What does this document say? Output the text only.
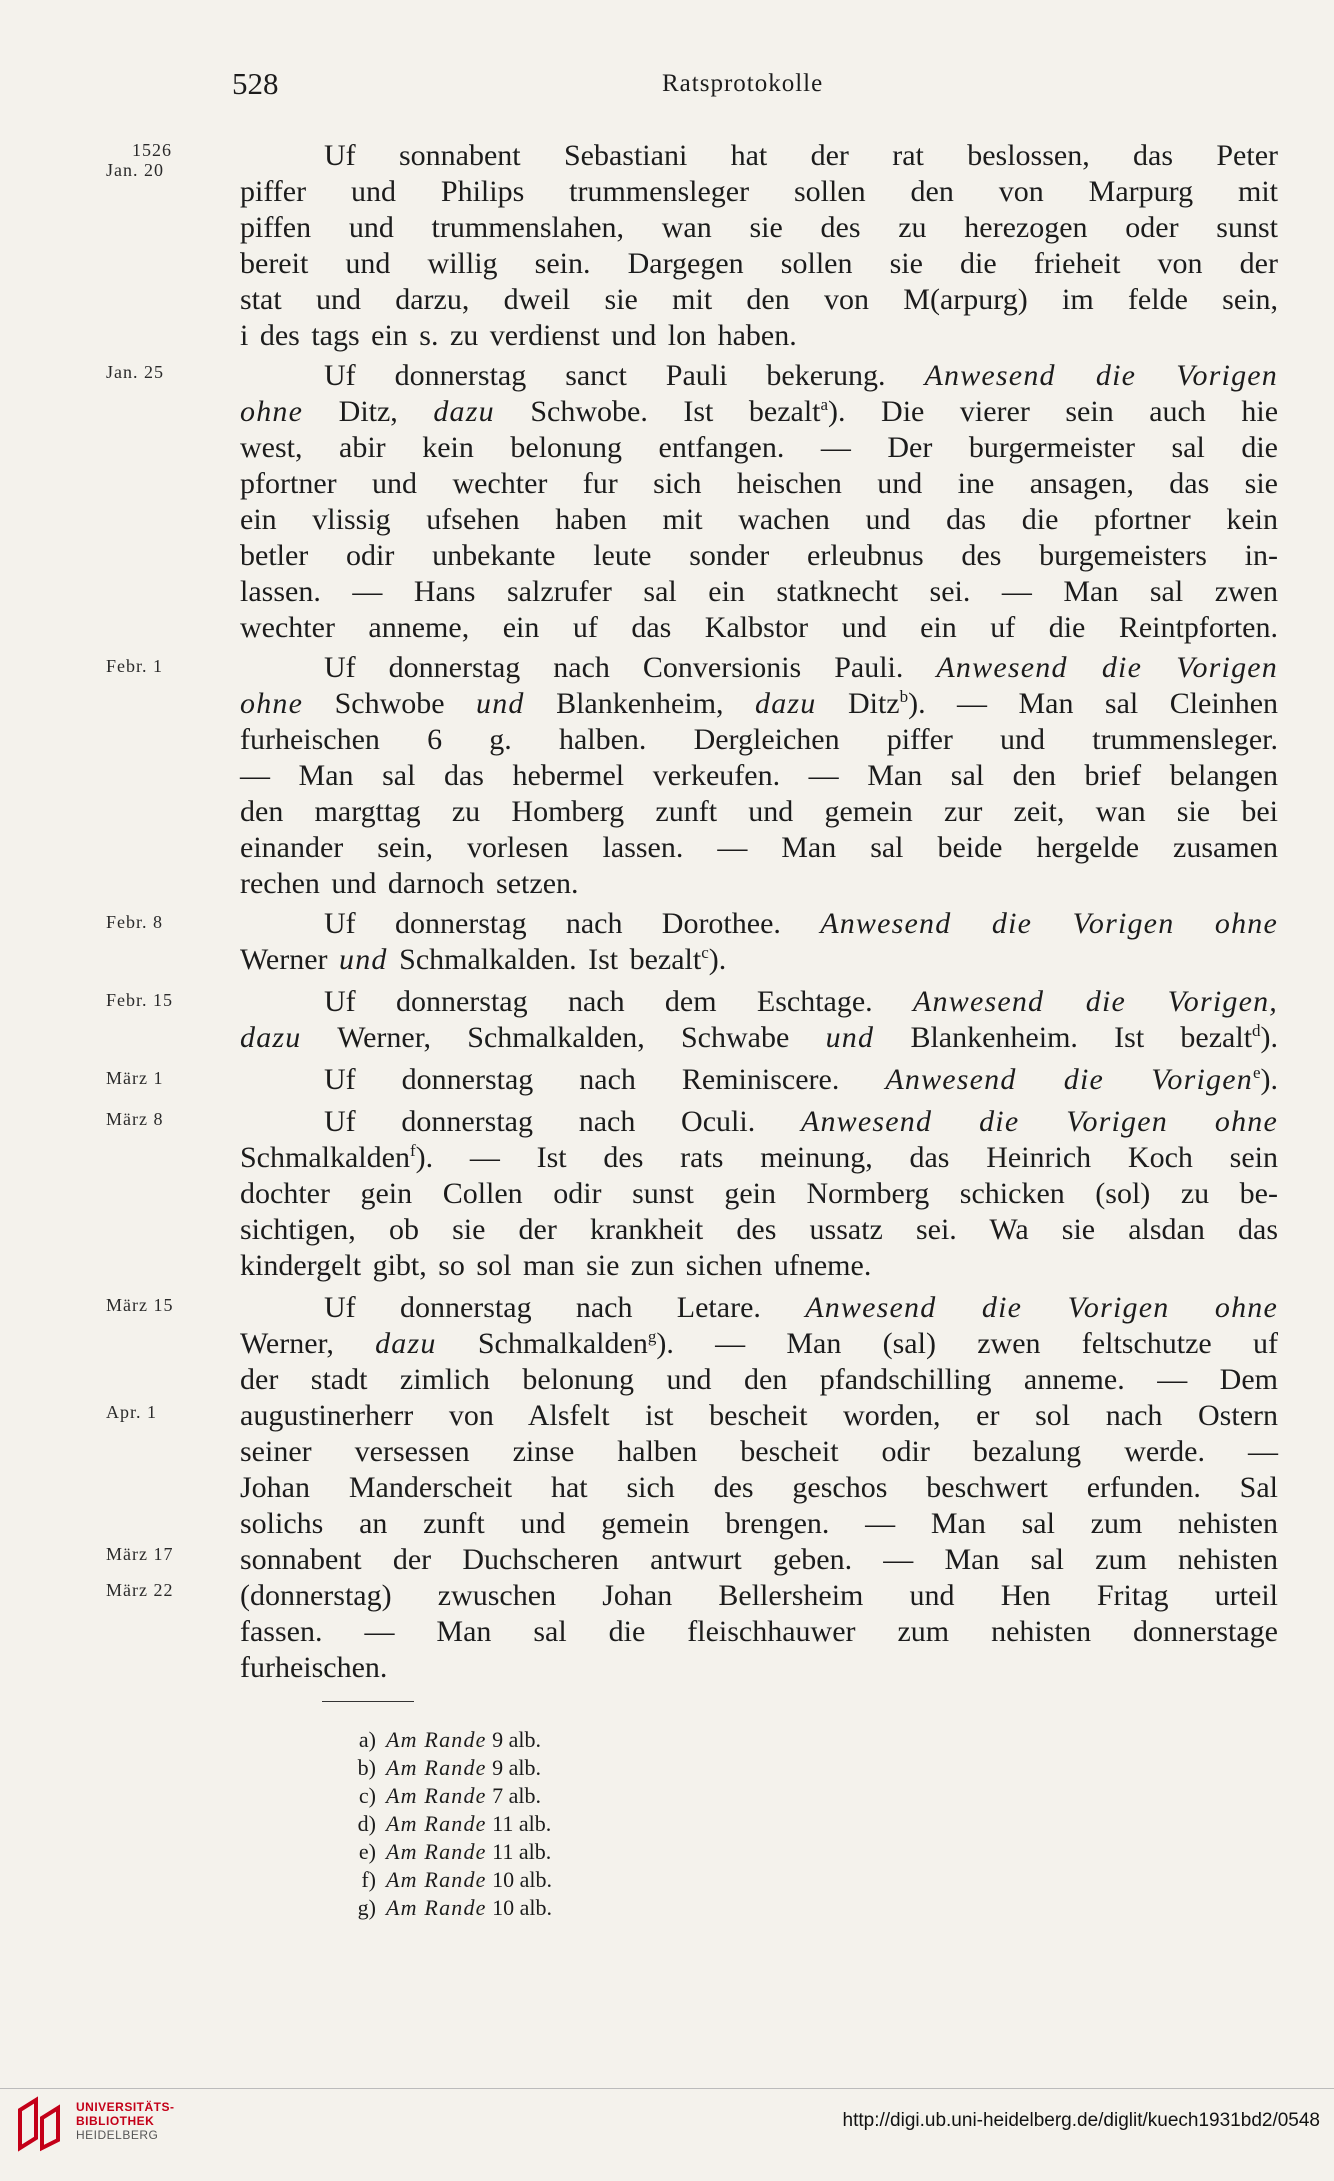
528	Ratsprotokolle
1526
Jan. 20
Jan. 25
Febr. 1
Febr. 8
Febr. 15
März 1
März 8
März 15
Apr. 1
März 17
März 22
Uf sonnabent Sebastiani hat der rat beslossen, das Peter
piffer und Philips trummensleger sollen den von Marpurg mit
piffen und trummenslahen, wan sie des zu herezogen oder sunst
bereit und willig sein. Dargegen sollen sie die frieheit von der
stat und darzu, dweil sie mit den von M(arpurg) im felde sein,
i des tags ein s. zu verdienst und lon haben.
Uf donnerstag sanct Pauli bekerung. Anwesend die Vorigen
ohne Ditz, dazu Schwobe. Ist bezalt$^a$). Die vierer sein auch hie
west, abir kein belonung entfangen. — Der burgermeister sal die
pfortner und wechter fur sich heischen und ine ansagen, das sie
ein vlissig ufsehen haben mit wachen und das die pfortner kein
betler odir unbekante leute sonder erleubnus des burgemeisters in-
lassen. — Hans salzrufer sal ein statknecht sei. — Man sal zwen
wechter anneme, ein uf das Kalbstor und ein uf die Reintpforten.
Uf donnerstag nach Conversionis Pauli. Anwesend die Vorigen
ohne Schwobe und Blankenheim, dazu Ditz$^b$). — Man sal Cleinhen
furheischen 6 g. halben. Dergleichen piffer und trummensleger.
— Man sal das hebermel verkeufen. — Man sal den brief belangen
den margttag zu Homberg zunft und gemein zur zeit, wan sie bei
einander sein, vorlesen lassen. — Man sal beide hergelde zusamen
rechen und darnoch setzen.
Uf donnerstag nach Dorothee. Anwesend die Vorigen ohne
Werner und Schmalkalden. Ist bezalt$^c$).
Uf donnerstag nach dem Eschtage. Anwesend die Vorigen,
dazu Werner, Schmalkalden, Schwabe und Blankenheim. Ist bezalt$^d$).
Uf donnerstag nach Reminiscere. Anwesend die Vorigen$^e$).
Uf donnerstag nach Oculi. Anwesend die Vorigen ohne
Schmalkalden$^f$). — Ist des rats meinung, das Heinrich Koch sein
dochter gein Collen odir sunst gein Normberg schicken (sol) zu be-
sichtigen, ob sie der krankheit des ussatz sei. Wa sie alsdan das
kindergelt gibt, so sol man sie zun sichen ufneme.
Uf donnerstag nach Letare. Anwesend die Vorigen ohne
Werner, dazu Schmalkalden$^g$). — Man (sal) zwen feltschutze uf
der stadt zimlich belonung und den pfandschilling anneme. — Dem
augustinerherr von Alsfelt ist bescheit worden, er sol nach Ostern
seiner versessen zinse halben bescheit odir bezalung werde. —
Johan Manderscheit hat sich des geschos beschwert erfunden. Sal
solichs an zunft und gemein brengen. — Man sal zum nehisten
sonnabent der Duchscheren antwurt geben. — Man sal zum nehisten
(donnerstag) zwuschen Johan Bellersheim und Hen Fritag urteil
fassen. — Man sal die fleischhauwer zum nehisten donnerstage
furheischen.
a) Am Rande 9 alb.
b) Am Rande 9 alb.
c) Am Rande 7 alb.
d) Am Rande 11 alb.
e) Am Rande 11 alb.
f) Am Rande 10 alb.
g) Am Rande 10 alb.
UNIVERSITÄTS-
BIBLIOTHEK
HEIDELBERG
http://digi.ub.uni-heidelberg.de/diglit/kuech1931bd2/0548
